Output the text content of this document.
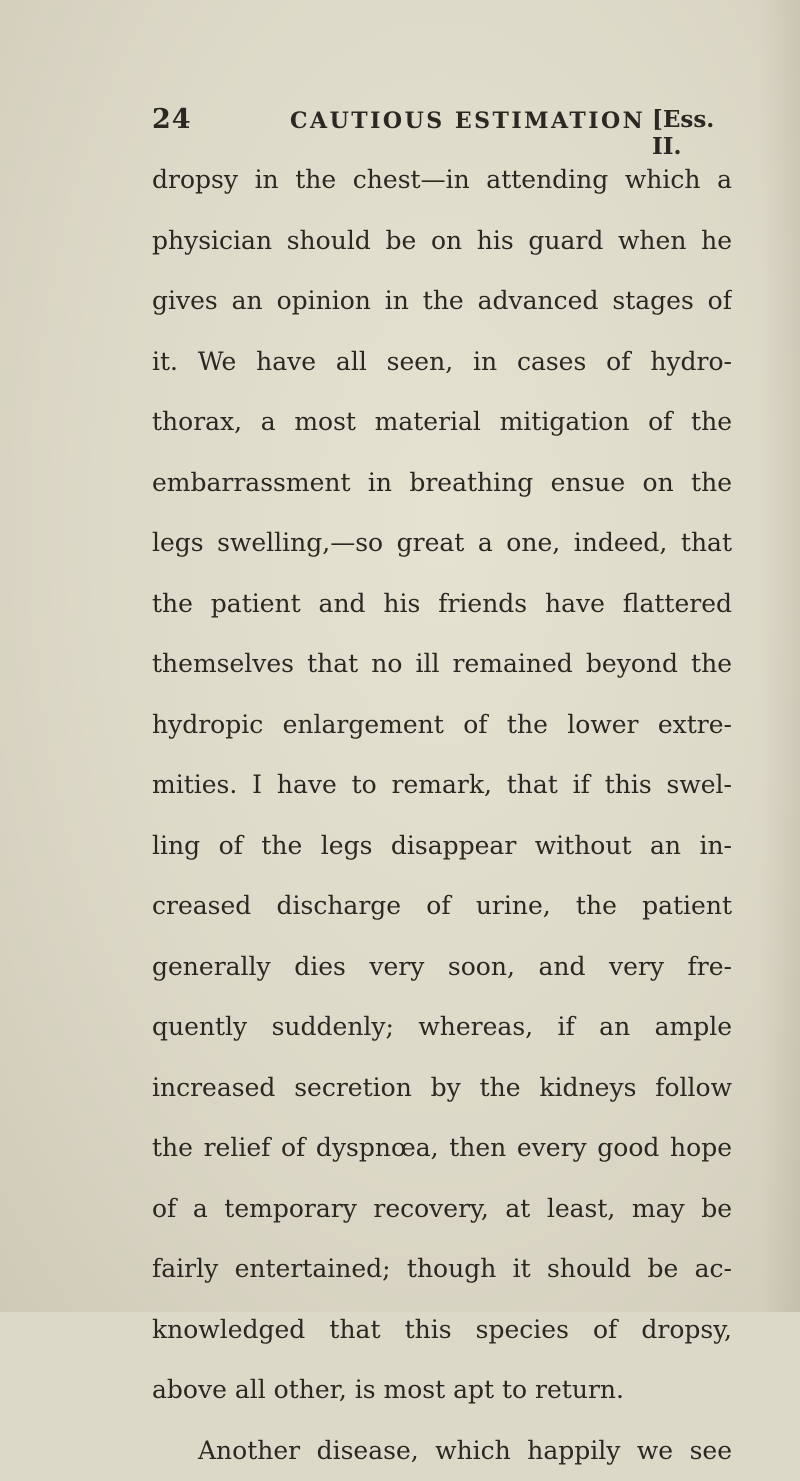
24	CAUTIOUS ESTIMATION [Ess. II.
dropsy in the chest—in attending which a
physician should be on his guard when he
gives an opinion in the advanced stages of
it. We have all seen, in cases of hydro-
thorax, a most material mitigation of the
embarrassment in breathing ensue on the
legs swelling,—so great a one, indeed, that
the patient and his friends have flattered
themselves that no ill remained beyond the
hydropic enlargement of the lower extre-
mities. I have to remark, that if this swel-
ling of the legs disappear without an in-
creased discharge of urine, the patient
generally dies very soon, and very fre-
quently suddenly; whereas, if an ample
increased secretion by the kidneys follow
the relief of dyspnœa, then every good hope
of a temporary recovery, at least, may be
fairly entertained; though it should be ac-
knowledged that this species of dropsy,
above all other, is most apt to return.
Another disease, which happily we see
